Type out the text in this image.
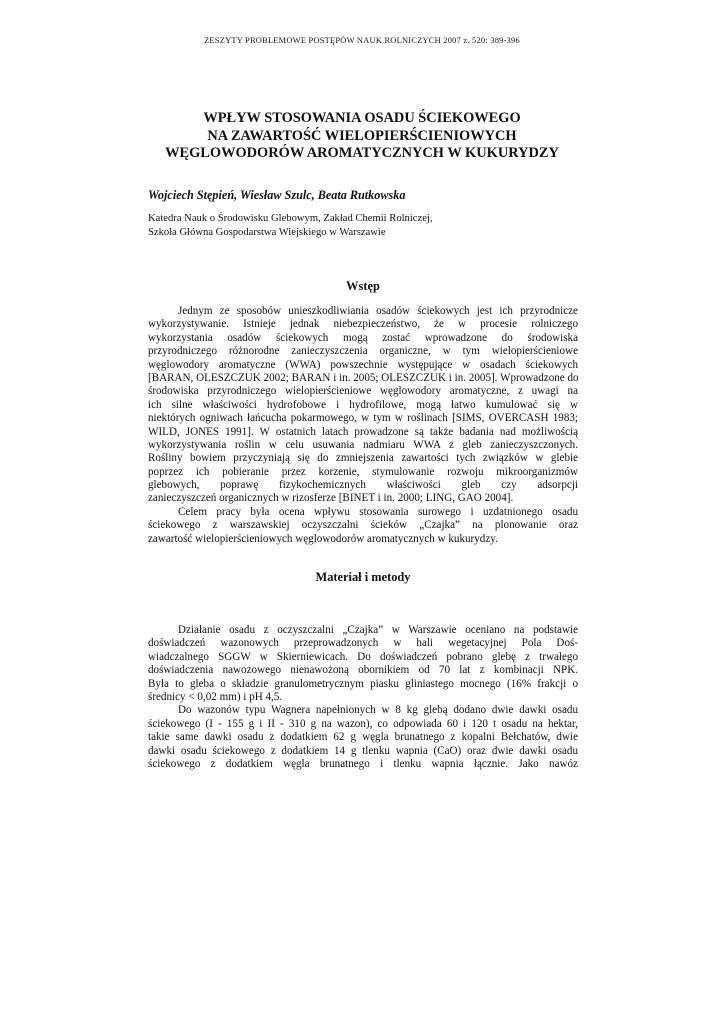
ZESZYTY PROBLEMOWE POSTĘPÓW NAUK ROLNICZYCH 2007 z. 520: 389-396
WPŁYW STOSOWANIA OSADU ŚCIEKOWEGO
NA ZAWARTOŚĆ WIELOPIERŚCIENIOWYCH
WĘGLOWODORÓW AROMATYCZNYCH W KUKURYDZY
Wojciech Stępień, Wiesław Szulc, Beata Rutkowska
Katedra Nauk o Środowisku Glebowym, Zakład Chemii Rolniczej,
Szkoła Główna Gospodarstwa Wiejskiego w Warszawie
Wstęp
Jednym ze sposobów unieszkodliwiania osadów ściekowych jest ich przyrodnicze
wykorzystywanie. Istnieje jednak niebezpieczeństwo, że w procesie rolniczego
wykorzystania osadów ściekowych mogą zostać wprowadzone do środowiska
przyrodniczego różnorodne zanieczyszczenia organiczne, w tym wielopierścieniowe
węglowodory aromatyczne (WWA) powszechnie występujące w osadach ściekowych
[BARAN, OLESZCZUK 2002; BARAN i in. 2005; OLESZCZUK i in. 2005]. Wprowadzone do
środowiska przyrodniczego wielopierścieniowe węglowodory aromatyczne, z uwagi na
ich silne właściwości hydrofobowe i hydrofilowe, mogą łatwo kumulować się w
niektórych ogniwach łańcucha pokarmowego, w tym w roślinach [SIMS, OVERCASH 1983;
WILD, JONES 1991]. W ostatnich latach prowadzone są także badania nad możliwością
wykorzystywania roślin w celu usuwania nadmiaru WWA z gleb zanieczyszczonych.
Rośliny bowiem przyczyniają się do zmniejszenia zawartości tych związków w glebie
poprzez ich pobieranie przez korzenie, stymulowanie rozwoju mikroorganizmów
glebowych, poprawę fizykochemicznych właściwości gleb czy adsorpcji
zanieczyszczeń organicznych w rizosferze [BINET i in. 2000; LING, GAO 2004].
Celem pracy była ocena wpływu stosowania surowego i uzdatnionego osadu
ściekowego z warszawskiej oczyszczalni ścieków „Czajka” na plonowanie oraz
zawartość wielopierścieniowych węglowodorów aromatycznych w kukurydzy.
Materiał i metody
Działanie osadu z oczyszczalni „Czajka” w Warszawie oceniano na podstawie
doświadczeń wazonowych przeprowadzonych w hali wegetacyjnej Pola Doś-
wiadczalnego SGGW w Skierniewicach. Do doświadczeń pobrano glebę z trwałego
doświadczenia nawozowego nienawożoną obornikiem od 70 lat z kombinacji NPK.
Była to gleba o składzie granulometrycznym piasku gliniastego mocnego (16% frakcji o
średnicy < 0,02 mm) i pH 4,5.
Do wazonów typu Wagnera napełnionych w 8 kg glebą dodano dwie dawki osadu
ściekowego (I - 155 g i II - 310 g na wazon), co odpowiada 60 i 120 t osadu na hektar,
takie same dawki osadu z dodatkiem 62 g węgla brunatnego z kopalni Bełchatów, dwie
dawki osadu ściekowego z dodatkiem 14 g tlenku wapnia (CaO) oraz dwie dawki osadu
ściekowego z dodatkiem węgla brunatnego i tlenku wapnia łącznie. Jako nawóz
